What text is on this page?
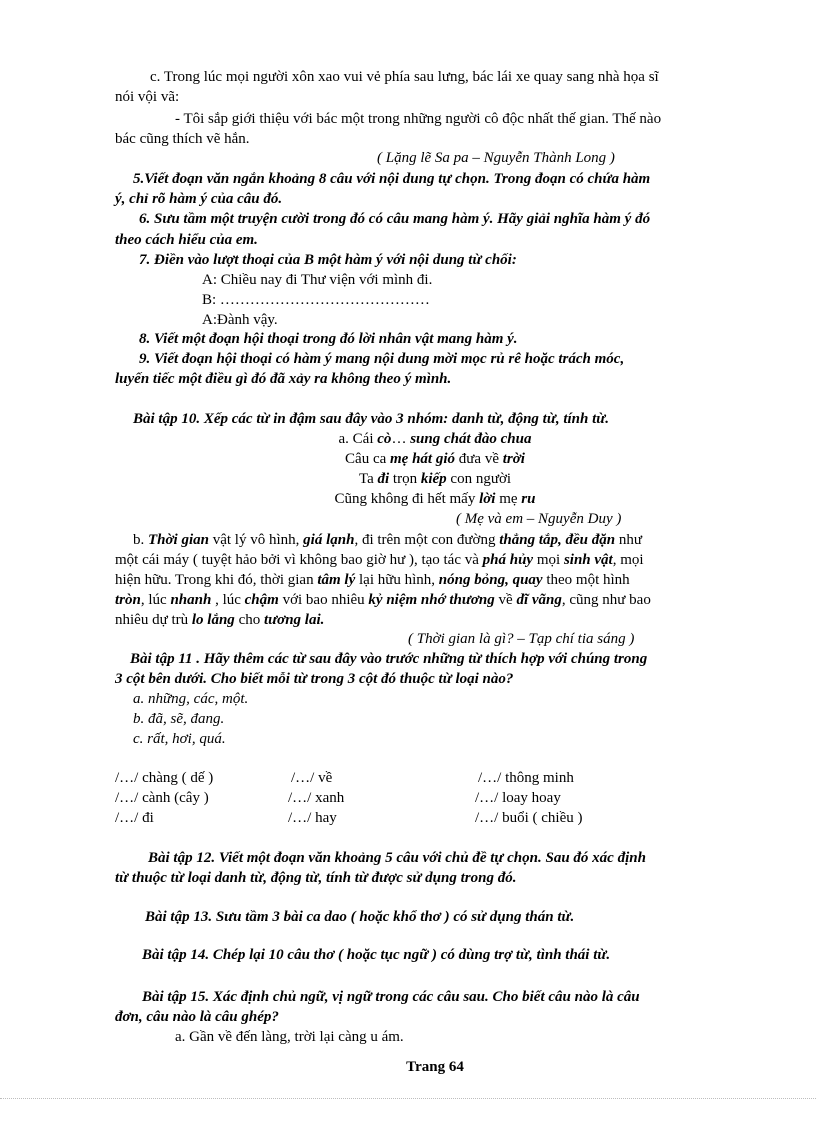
c. Trong lúc mọi người xôn xao vui vẻ phía sau lưng, bác lái xe quay sang nhà họa sĩ
nói vội vã:
- Tôi sắp giới thiệu với bác một trong những người cô độc nhất thế gian. Thế nào
bác cũng thích vẽ hắn.
( Lặng lẽ Sa pa – Nguyễn Thành Long )
5.Viết đoạn văn ngắn khoảng 8 câu với nội dung tự chọn. Trong đoạn có chứa hàm
ý, chỉ rõ hàm ý của câu đó.
6. Sưu tầm một truyện cười trong đó có câu mang hàm ý. Hãy giải nghĩa hàm ý đó
theo cách hiểu của em.
7. Điền vào lượt thoại của B một hàm ý với nội dung từ chối:
A: Chiều nay đi Thư viện với mình đi.
B: ……………………………………
A:Đành vậy.
8. Viết một đoạn hội thoại trong đó lời nhân vật mang hàm ý.
9. Viết đoạn hội thoại có hàm ý mang nội dung mời mọc rủ rê hoặc trách móc,
luyến tiếc một điều gì đó đã xảy ra không theo ý mình.
Bài tập 10. Xếp các từ in đậm sau đây vào 3 nhóm: danh từ, động từ, tính từ.
a. Cái cò… sung chát đào chua
Câu ca mẹ hát gió đưa về trời
Ta đi trọn kiếp con người
Cũng không đi hết mấy lời mẹ ru
( Mẹ và em – Nguyễn Duy )
b. Thời gian vật lý vô hình, giá lạnh, đi trên một con đường thẳng tắp, đều đặn như
một cái máy ( tuyệt hảo bởi vì không bao giờ hư ), tạo tác và phá hủy mọi sinh vật, mọi
hiện hữu. Trong khi đó, thời gian tâm lý lại hữu hình, nóng bỏng, quay theo một hình
tròn, lúc nhanh , lúc chậm với bao nhiêu kỷ niệm nhớ thương về dĩ vãng, cũng như bao
nhiêu dự trù lo lắng cho tương lai.
( Thời gian là gì? – Tạp chí tia sáng )
Bài tập 11 . Hãy thêm các từ sau đây vào trước những từ thích hợp với chúng trong
3 cột bên dưới. Cho biết mỗi từ trong 3 cột đó thuộc từ loại nào?
a. những, các, một.
b. đã, sẽ, đang.
c. rất, hơi, quá.
/…/ chàng ( dế )
/…/ cành (cây )
/…/ đi
/…/ về
/…/ xanh
/…/ hay
/…/ thông minh
/…/ loay hoay
/…/ buổi ( chiều )
Bài tập 12. Viết một đoạn văn khoảng 5 câu với chủ đề tự chọn. Sau đó xác định
từ thuộc từ loại danh từ, động từ, tính từ được sử dụng trong đó.
Bài tập 13. Sưu tầm 3 bài ca dao ( hoặc khổ thơ ) có sử dụng thán từ.
Bài tập 14. Chép lại 10 câu thơ ( hoặc tục ngữ ) có dùng trợ từ, tình thái từ.
Bài tập 15. Xác định chủ ngữ, vị ngữ trong các câu sau. Cho biết câu nào là câu
đơn, câu nào là câu ghép?
a. Gần về đến làng, trời lại càng u ám.
Trang 64
